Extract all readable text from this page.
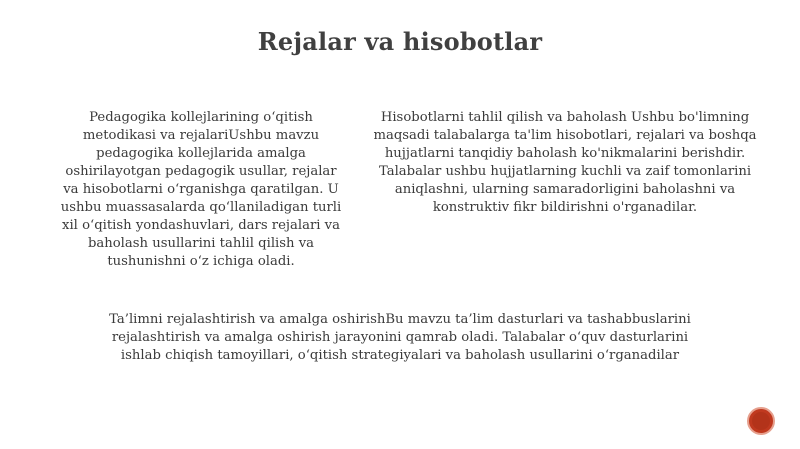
Rejalar va hisobotlar

Pedagogika kollejlarining o‘qitish metodikasi va rejalariUshbu mavzu pedagogika kollejlarida amalga oshirilayotgan pedagogik usullar, rejalar va hisobotlarni o‘rganishga qaratilgan. U ushbu muassasalarda qo‘llaniladigan turli xil o‘qitish yondashuvlari, dars rejalari va baholash usullarini tahlil qilish va tushunishni o‘z ichiga oladi.

Hisobotlarni tahlil qilish va baholash Ushbu bo'limning maqsadi talabalarga ta'lim hisobotlari, rejalari va boshqa hujjatlarni tanqidiy baholash ko'nikmalarini berishdir. Talabalar ushbu hujjatlarning kuchli va zaif tomonlarini aniqlashni, ularning samaradorligini baholashni va konstruktiv fikr bildirishni o'rganadilar.

Ta’limni rejalashtirish va amalga oshirishBu mavzu ta’lim dasturlari va tashabbuslarini rejalashtirish va amalga oshirish jarayonini qamrab oladi. Talabalar o‘quv dasturlarini ishlab chiqish tamoyillari, o‘qitish strategiyalari va baholash usullarini o‘rganadilar
